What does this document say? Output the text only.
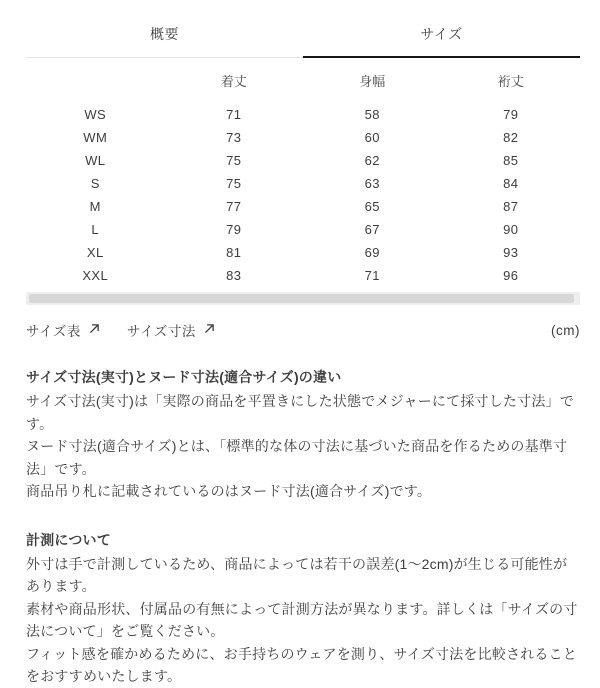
概要	サイズ
	着丈	身幅	裄丈
WS	71	58	79
WM	73	60	82
WL	75	62	85
S	75	63	84
M	77	65	87
L	79	67	90
XL	81	69	93
XXL	83	71	96
サイズ表	サイズ寸法	(cm)
サイズ寸法(実寸)とヌード寸法(適合サイズ)の違い

サイズ寸法(実寸)は「実際の商品を平置きにした状態でメジャーにて採寸した寸法」です。

ヌード寸法(適合サイズ)とは、「標準的な体の寸法に基づいた商品を作るための基準寸法」です。

商品吊り札に記載されているのはヌード寸法(適合サイズ)です。

計測について

外寸は手で計測しているため、商品によっては若干の誤差(1～2cm)が生じる可能性があります。

素材や商品形状、付属品の有無によって計測方法が異なります。詳しくは「サイズの寸法について」をご覧ください。

フィット感を確かめるために、お手持ちのウェアを測り、サイズ寸法を比較されることをおすすめいたします。
